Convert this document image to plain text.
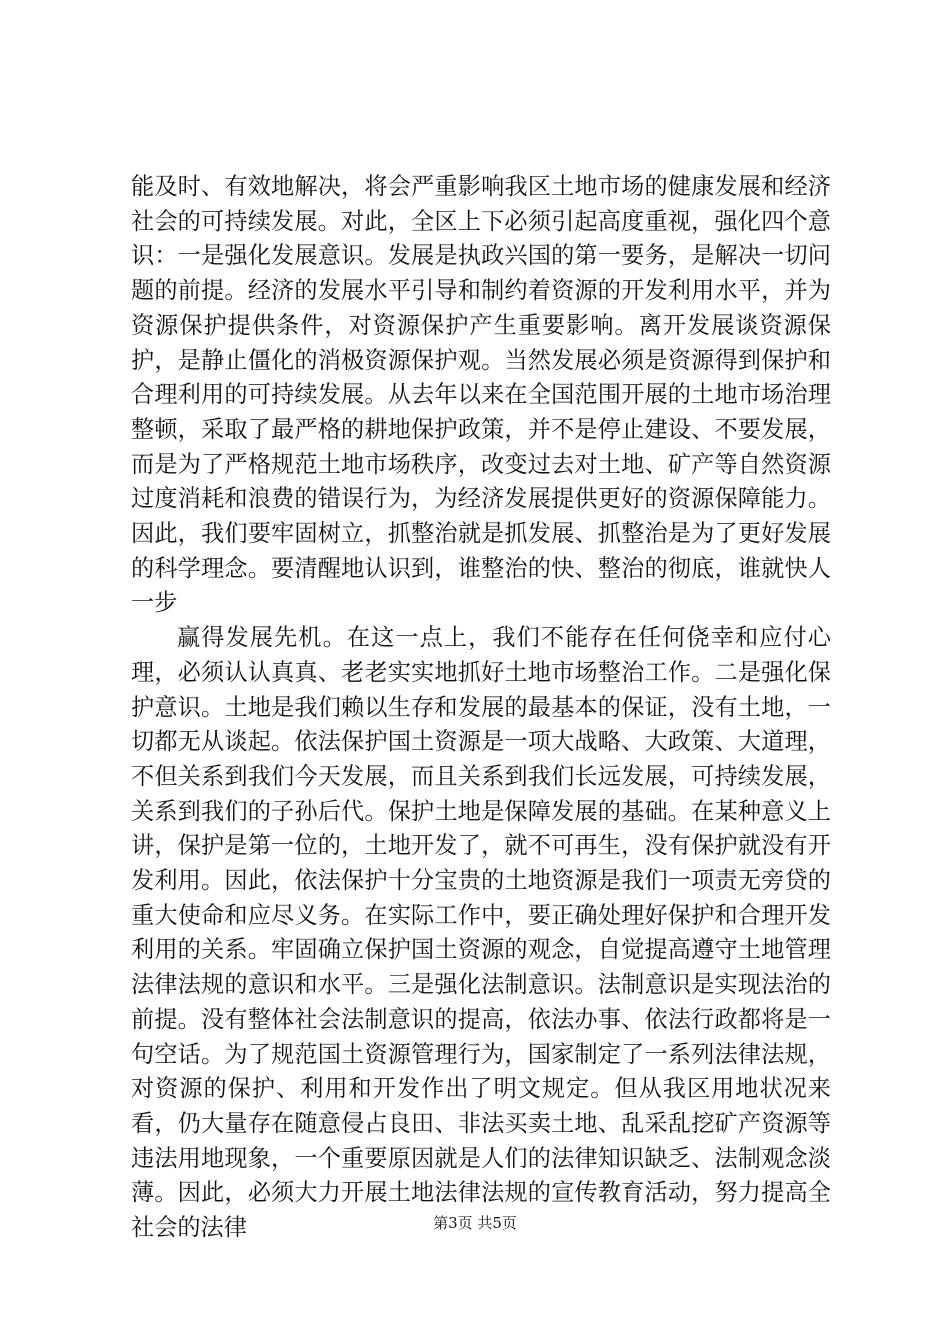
能及时、有效地解决，将会严重影响我区土地市场的健康发展和经济社会的可持续发展。对此，全区上下必须引起高度重视，强化四个意识：一是强化发展意识。发展是执政兴国的第一要务，是解决一切问题的前提。经济的发展水平引导和制约着资源的开发利用水平，并为资源保护提供条件，对资源保护产生重要影响。离开发展谈资源保护，是静止僵化的消极资源保护观。当然发展必须是资源得到保护和合理利用的可持续发展。从去年以来在全国范围开展的土地市场治理整顿，采取了最严格的耕地保护政策，并不是停止建设、不要发展，而是为了严格规范土地市场秩序，改变过去对土地、矿产等自然资源过度消耗和浪费的错误行为，为经济发展提供更好的资源保障能力。因此，我们要牢固树立，抓整治就是抓发展、抓整治是为了更好发展的科学理念。要清醒地认识到，谁整治的快、整治的彻底，谁就快人一步

赢得发展先机。在这一点上，我们不能存在任何侥幸和应付心理，必须认认真真、老老实实地抓好土地市场整治工作。二是强化保护意识。土地是我们赖以生存和发展的最基本的保证，没有土地，一切都无从谈起。依法保护国土资源是一项大战略、大政策、大道理，不但关系到我们今天发展，而且关系到我们长远发展，可持续发展，关系到我们的子孙后代。保护土地是保障发展的基础。在某种意义上讲，保护是第一位的，土地开发了，就不可再生，没有保护就没有开发利用。因此，依法保护十分宝贵的土地资源是我们一项责无旁贷的重大使命和应尽义务。在实际工作中，要正确处理好保护和合理开发利用的关系。牢固确立保护国土资源的观念，自觉提高遵守土地管理法律法规的意识和水平。三是强化法制意识。法制意识是实现法治的前提。没有整体社会法制意识的提高，依法办事、依法行政都将是一句空话。为了规范国土资源管理行为，国家制定了一系列法律法规，对资源的保护、利用和开发作出了明文规定。但从我区用地状况来看，仍大量存在随意侵占良田、非法买卖土地、乱采乱挖矿产资源等违法用地现象，一个重要原因就是人们的法律知识缺乏、法制观念淡薄。因此，必须大力开展土地法律法规的宣传教育活动，努力提高全社会的法律	第3页 共5页
